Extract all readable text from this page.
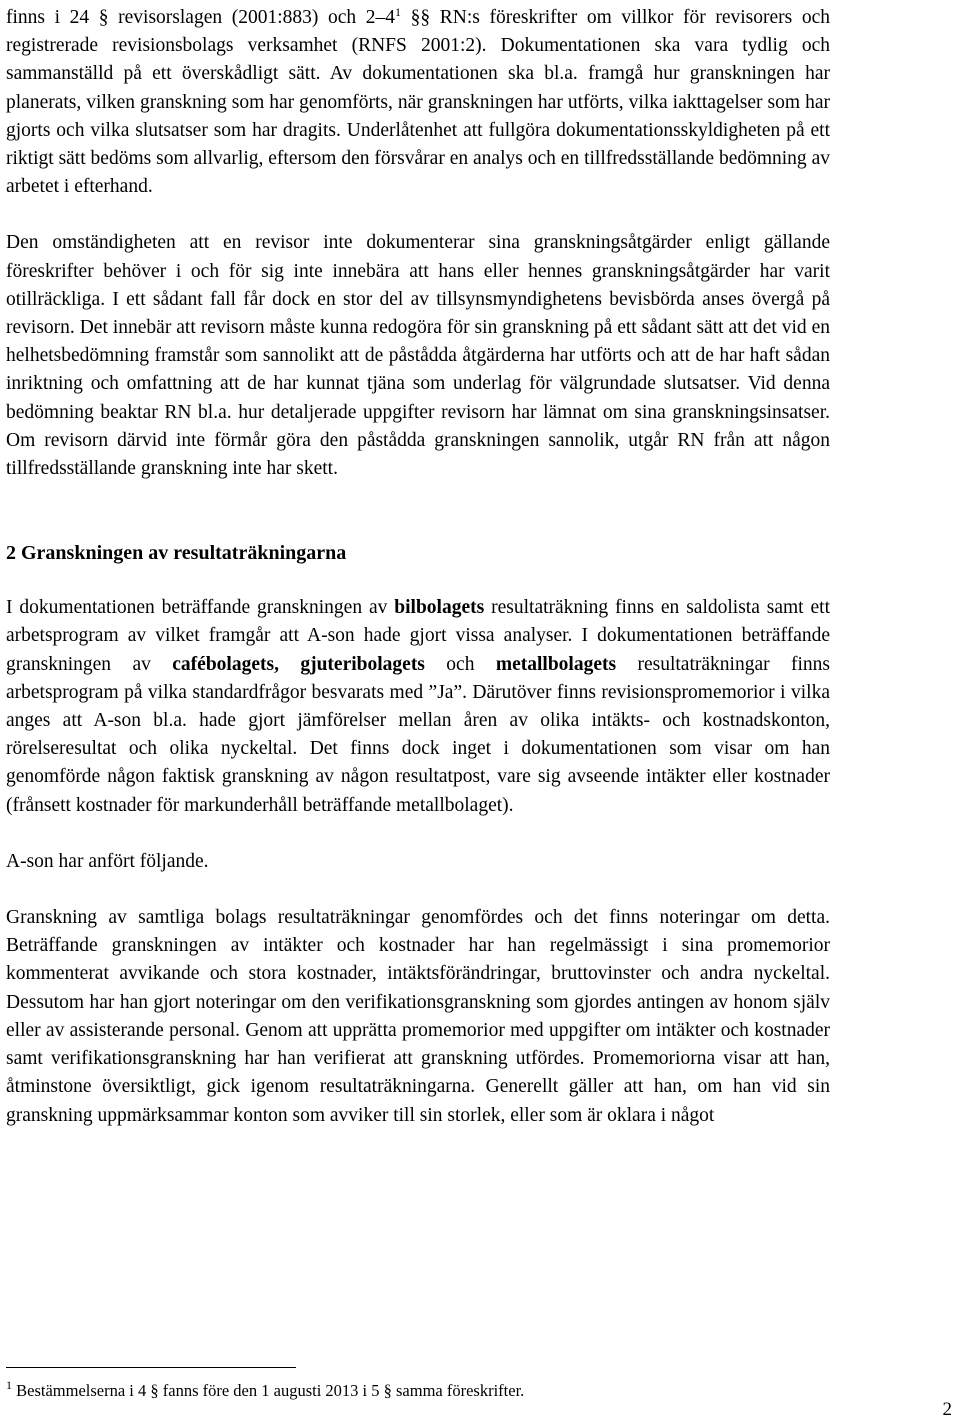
finns i 24 § revisorslagen (2001:883) och $2-4^1$ §§ RN:s föreskrifter om villkor för revisorers och registrerade revisionsbolags verksamhet (RNFS 2001:2). Dokumentationen ska vara tydlig och sammanställd på ett överskådligt sätt. Av dokumentationen ska bl.a. framgå hur granskningen har planerats, vilken granskning som har genomförts, när granskningen har utförts, vilka iakttagelser som har gjorts och vilka slutsatser som har dragits. Underlåtenhet att fullgöra dokumentationsskyldigheten på ett riktigt sätt bedöms som allvarlig, eftersom den försvårar en analys och en tillfredsställande bedömning av arbetet i efterhand.

Den omständigheten att en revisor inte dokumenterar sina granskningsåtgärder enligt gällande föreskrifter behöver i och för sig inte innebära att hans eller hennes granskningsåtgärder har varit otillräckliga. I ett sådant fall får dock en stor del av tillsynsmyndighetens bevisbörda anses övergå på revisorn. Det innebär att revisorn måste kunna redogöra för sin granskning på ett sådant sätt att det vid en helhetsbedömning framstår som sannolikt att de påstådda åtgärderna har utförts och att de har haft sådan inriktning och omfattning att de har kunnat tjäna som underlag för välgrundade slutsatser. Vid denna bedömning beaktar RN bl.a. hur detaljerade uppgifter revisorn har lämnat om sina granskningsinsatser. Om revisorn därvid inte förmår göra den påstådda granskningen sannolik, utgår RN från att någon tillfredsställande granskning inte har skett.

2 Granskningen av resultaträkningarna

I dokumentationen beträffande granskningen av bilbolagets resultaträkning finns en saldolista samt ett arbetsprogram av vilket framgår att A-son hade gjort vissa analyser. I dokumentationen beträffande granskningen av cafébolagets, gjuteribolagets och metallbolagets resultaträkningar finns arbetsprogram på vilka standardfrågor besvarats med ”Ja”. Därutöver finns revisionspromemorior i vilka anges att A-son bl.a. hade gjort jämförelser mellan åren av olika intäkts- och kostnadskonton, rörelseresultat och olika nyckeltal. Det finns dock inget i dokumentationen som visar om han genomförde någon faktisk granskning av någon resultatpost, vare sig avseende intäkter eller kostnader (frånsett kostnader för markunderhåll beträffande metallbolaget).

A-son har anfört följande.

Granskning av samtliga bolags resultaträkningar genomfördes och det finns noteringar om detta. Beträffande granskningen av intäkter och kostnader har han regelmässigt i sina promemorior kommenterat avvikande och stora kostnader, intäktsförändringar, bruttovinster och andra nyckeltal. Dessutom har han gjort noteringar om den verifikationsgranskning som gjordes antingen av honom själv eller av assisterande personal. Genom att upprätta promemorior med uppgifter om intäkter och kostnader samt verifikationsgranskning har han verifierat att granskning utfördes. Promemoriorna visar att han, åtminstone översiktligt, gick igenom resultaträkningarna. Generellt gäller att han, om han vid sin granskning uppmärksammar konton som avviker till sin storlek, eller som är oklara i något

$^1$ Bestämmelserna i 4 § fanns före den 1 augusti 2013 i 5 § samma föreskrifter.
2
